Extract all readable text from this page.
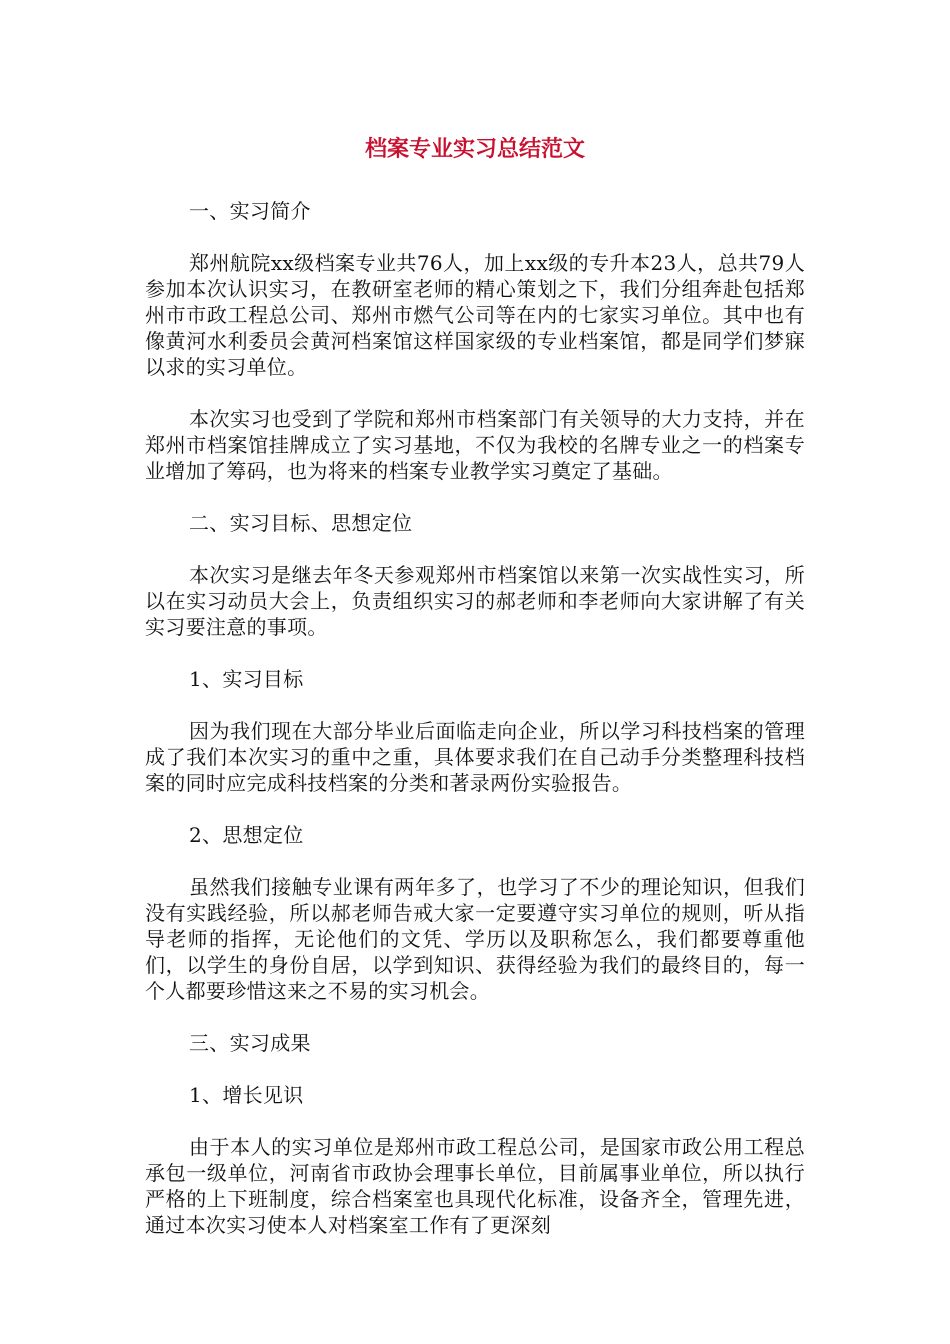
档案专业实习总结范文

一、实习简介

郑州航院xx级档案专业共76人，加上xx级的专升本23人，总共79人参加本次认识实习，在教研室老师的精心策划之下，我们分组奔赴包括郑州市市政工程总公司、郑州市燃气公司等在内的七家实习单位。其中也有像黄河水利委员会黄河档案馆这样国家级的专业档案馆，都是同学们梦寐以求的实习单位。

本次实习也受到了学院和郑州市档案部门有关领导的大力支持，并在郑州市档案馆挂牌成立了实习基地，不仅为我校的名牌专业之一的档案专业增加了筹码，也为将来的档案专业教学实习奠定了基础。

二、实习目标、思想定位

本次实习是继去年冬天参观郑州市档案馆以来第一次实战性实习，所以在实习动员大会上，负责组织实习的郝老师和李老师向大家讲解了有关实习要注意的事项。

1、实习目标

因为我们现在大部分毕业后面临走向企业，所以学习科技档案的管理成了我们本次实习的重中之重，具体要求我们在自己动手分类整理科技档案的同时应完成科技档案的分类和著录两份实验报告。

2、思想定位

虽然我们接触专业课有两年多了，也学习了不少的理论知识，但我们没有实践经验，所以郝老师告戒大家一定要遵守实习单位的规则，听从指导老师的指挥，无论他们的文凭、学历以及职称怎么，我们都要尊重他们，以学生的身份自居，以学到知识、获得经验为我们的最终目的，每一个人都要珍惜这来之不易的实习机会。

三、实习成果

1、增长见识

由于本人的实习单位是郑州市政工程总公司，是国家市政公用工程总承包一级单位，河南省市政协会理事长单位，目前属事业单位，所以执行严格的上下班制度，综合档案室也具现代化标准，设备齐全，管理先进，通过本次实习使本人对档案室工作有了更深刻
